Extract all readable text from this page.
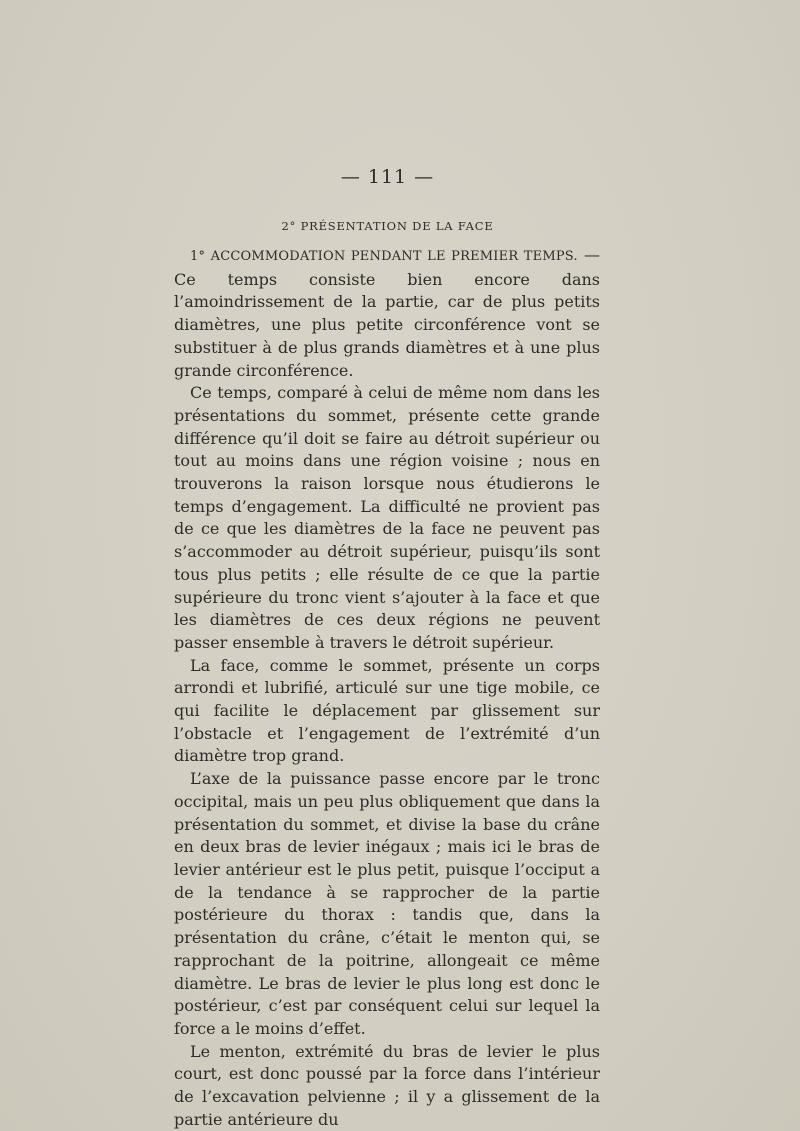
— 111 —
2° PRÉSENTATION DE LA FACE

1° ACCOMMODATION PENDANT LE PREMIER TEMPS. — Ce temps consiste bien encore dans l’amoindrissement de la partie, car de plus petits diamètres, une plus petite circonférence vont se substituer à de plus grands diamètres et à une plus grande circonférence.

Ce temps, comparé à celui de même nom dans les présentations du sommet, présente cette grande différence qu’il doit se faire au détroit supérieur ou tout au moins dans une région voisine ; nous en trouverons la raison lorsque nous étudierons le temps d’engagement. La difficulté ne provient pas de ce que les diamètres de la face ne peuvent pas s’accommoder au détroit supérieur, puisqu’ils sont tous plus petits ; elle résulte de ce que la partie supérieure du tronc vient s’ajouter à la face et que les diamètres de ces deux régions ne peuvent passer ensemble à travers le détroit supérieur.

La face, comme le sommet, présente un corps arrondi et lubrifié, articulé sur une tige mobile, ce qui facilite le déplacement par glissement sur l’obstacle et l’engagement de l’extrémité d’un diamètre trop grand.

L’axe de la puissance passe encore par le tronc occipital, mais un peu plus obliquement que dans la présentation du sommet, et divise la base du crâne en deux bras de levier inégaux ; mais ici le bras de levier antérieur est le plus petit, puisque l’occiput a de la tendance à se rapprocher de la partie postérieure du thorax : tandis que, dans la présentation du crâne, c’était le menton qui, se rapprochant de la poitrine, allongeait ce même diamètre. Le bras de levier le plus long est donc le postérieur, c’est par conséquent celui sur lequel la force a le moins d’effet.

Le menton, extrémité du bras de levier le plus court, est donc poussé par la force dans l’intérieur de l’excavation pelvienne ; il y a glissement de la partie antérieure du
